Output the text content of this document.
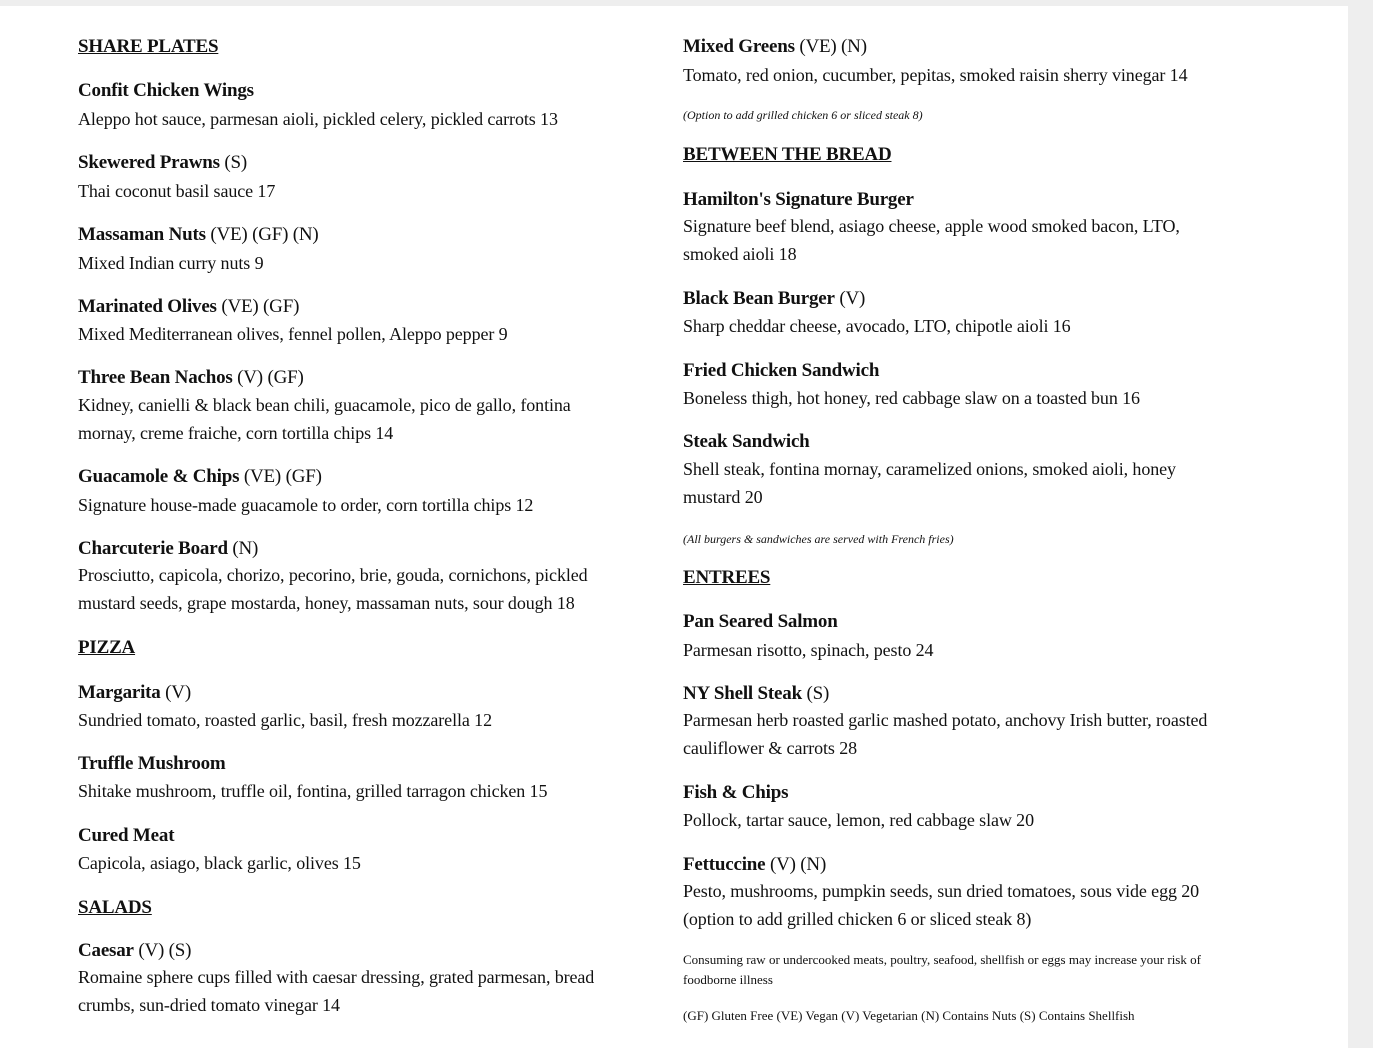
SHARE PLATES
Confit Chicken Wings
Aleppo hot sauce, parmesan aioli, pickled celery, pickled carrots 13
Skewered Prawns (S)
Thai coconut basil sauce 17
Massaman Nuts (VE) (GF) (N)
Mixed Indian curry nuts 9
Marinated Olives (VE) (GF)
Mixed Mediterranean olives, fennel pollen, Aleppo pepper 9
Three Bean Nachos (V) (GF)
Kidney, canielli & black bean chili, guacamole, pico de gallo, fontina mornay, creme fraiche, corn tortilla chips 14
Guacamole & Chips (VE) (GF)
Signature house-made guacamole to order, corn tortilla chips 12
Charcuterie Board (N)
Prosciutto, capicola, chorizo, pecorino, brie, gouda, cornichons, pickled mustard seeds, grape mostarda, honey, massaman nuts, sour dough 18
PIZZA
Margarita (V)
Sundried tomato, roasted garlic, basil, fresh mozzarella 12
Truffle Mushroom
Shitake mushroom, truffle oil, fontina, grilled tarragon chicken 15
Cured Meat
Capicola, asiago, black garlic, olives 15
SALADS
Caesar (V) (S)
Romaine sphere cups filled with caesar dressing, grated parmesan, bread crumbs, sun-dried tomato vinegar 14
Mixed Greens (VE) (N)
Tomato, red onion, cucumber, pepitas, smoked raisin sherry vinegar 14
(Option to add grilled chicken 6 or sliced steak 8)
BETWEEN THE BREAD
Hamilton's Signature Burger
Signature beef blend, asiago cheese, apple wood smoked bacon, LTO, smoked aioli 18
Black Bean Burger (V)
Sharp cheddar cheese, avocado, LTO, chipotle aioli 16
Fried Chicken Sandwich
Boneless thigh, hot honey, red cabbage slaw on a toasted bun 16
Steak Sandwich
Shell steak, fontina mornay, caramelized onions, smoked aioli, honey mustard 20
(All burgers & sandwiches are served with French fries)
ENTREES
Pan Seared Salmon
Parmesan risotto, spinach, pesto 24
NY Shell Steak (S)
Parmesan herb roasted garlic mashed potato, anchovy Irish butter, roasted cauliflower & carrots 28
Fish & Chips
Pollock, tartar sauce, lemon, red cabbage slaw 20
Fettuccine (V) (N)
Pesto, mushrooms, pumpkin seeds, sun dried tomatoes, sous vide egg 20 (option to add grilled chicken 6 or sliced steak 8)
Consuming raw or undercooked meats, poultry, seafood, shellfish or eggs may increase your risk of foodborne illness
(GF) Gluten Free (VE) Vegan (V) Vegetarian (N) Contains Nuts (S) Contains Shellfish
